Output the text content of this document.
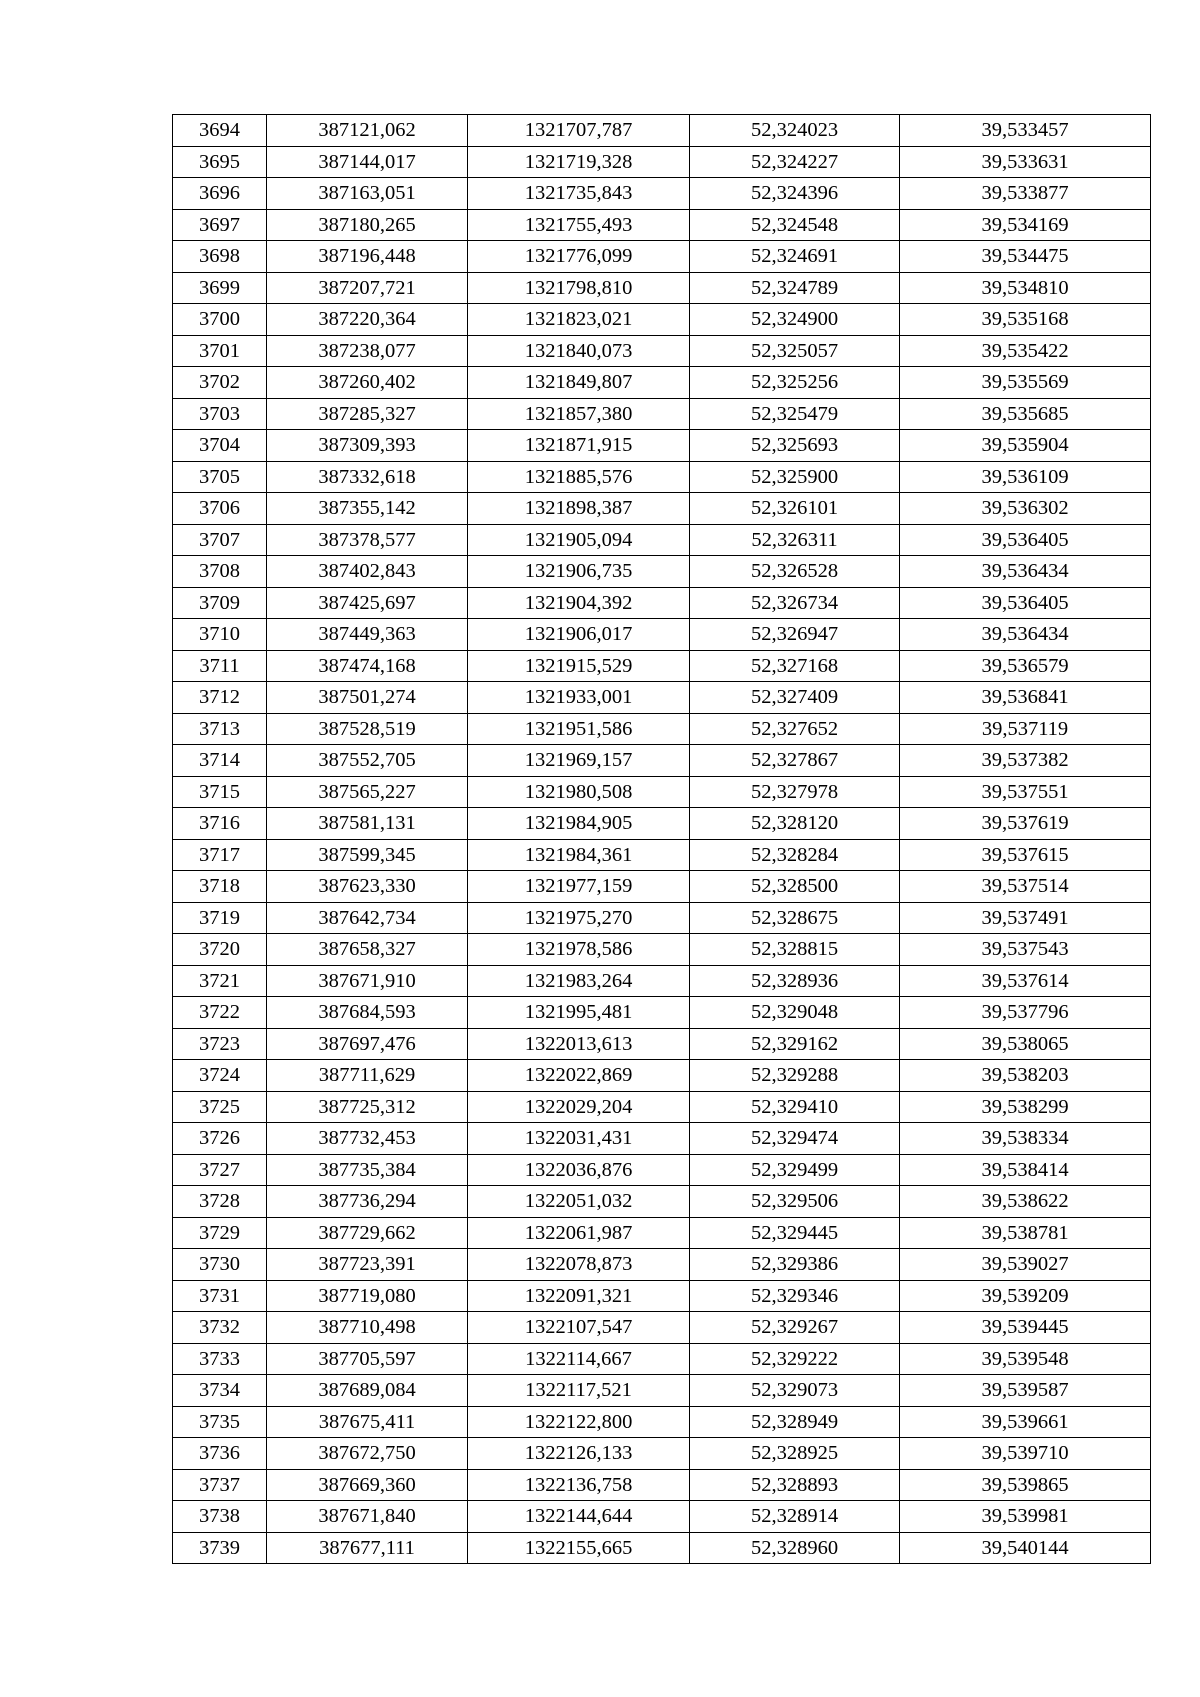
3694	387121,062	1321707,787	52,324023	39,533457
3695	387144,017	1321719,328	52,324227	39,533631
3696	387163,051	1321735,843	52,324396	39,533877
3697	387180,265	1321755,493	52,324548	39,534169
3698	387196,448	1321776,099	52,324691	39,534475
3699	387207,721	1321798,810	52,324789	39,534810
3700	387220,364	1321823,021	52,324900	39,535168
3701	387238,077	1321840,073	52,325057	39,535422
3702	387260,402	1321849,807	52,325256	39,535569
3703	387285,327	1321857,380	52,325479	39,535685
3704	387309,393	1321871,915	52,325693	39,535904
3705	387332,618	1321885,576	52,325900	39,536109
3706	387355,142	1321898,387	52,326101	39,536302
3707	387378,577	1321905,094	52,326311	39,536405
3708	387402,843	1321906,735	52,326528	39,536434
3709	387425,697	1321904,392	52,326734	39,536405
3710	387449,363	1321906,017	52,326947	39,536434
3711	387474,168	1321915,529	52,327168	39,536579
3712	387501,274	1321933,001	52,327409	39,536841
3713	387528,519	1321951,586	52,327652	39,537119
3714	387552,705	1321969,157	52,327867	39,537382
3715	387565,227	1321980,508	52,327978	39,537551
3716	387581,131	1321984,905	52,328120	39,537619
3717	387599,345	1321984,361	52,328284	39,537615
3718	387623,330	1321977,159	52,328500	39,537514
3719	387642,734	1321975,270	52,328675	39,537491
3720	387658,327	1321978,586	52,328815	39,537543
3721	387671,910	1321983,264	52,328936	39,537614
3722	387684,593	1321995,481	52,329048	39,537796
3723	387697,476	1322013,613	52,329162	39,538065
3724	387711,629	1322022,869	52,329288	39,538203
3725	387725,312	1322029,204	52,329410	39,538299
3726	387732,453	1322031,431	52,329474	39,538334
3727	387735,384	1322036,876	52,329499	39,538414
3728	387736,294	1322051,032	52,329506	39,538622
3729	387729,662	1322061,987	52,329445	39,538781
3730	387723,391	1322078,873	52,329386	39,539027
3731	387719,080	1322091,321	52,329346	39,539209
3732	387710,498	1322107,547	52,329267	39,539445
3733	387705,597	1322114,667	52,329222	39,539548
3734	387689,084	1322117,521	52,329073	39,539587
3735	387675,411	1322122,800	52,328949	39,539661
3736	387672,750	1322126,133	52,328925	39,539710
3737	387669,360	1322136,758	52,328893	39,539865
3738	387671,840	1322144,644	52,328914	39,539981
3739	387677,111	1322155,665	52,328960	39,540144
